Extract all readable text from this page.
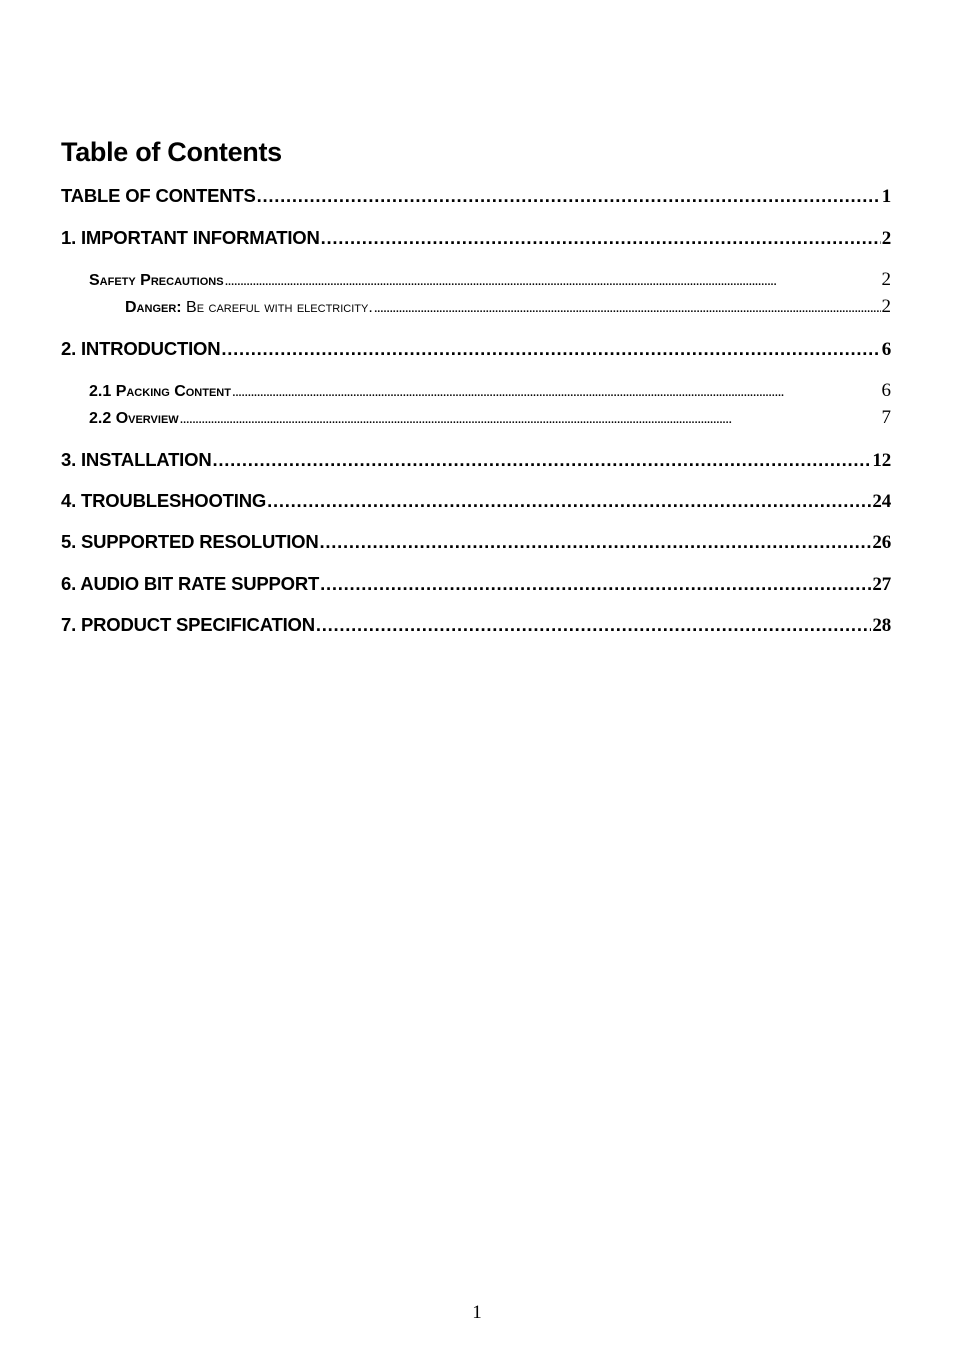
Table of Contents
TABLE OF CONTENTS . . .	1
1. IMPORTANT INFORMATION . . .	2
Safety Precautions . . .	2
Danger: Be careful with electricity. . . .	2
2. INTRODUCTION . . .	6
2.1 Packing Content . . .	6
2.2 Overview . . .	7
3. INSTALLATION . . .	12
4. TROUBLESHOOTING . . .	24
5. SUPPORTED RESOLUTION . . .	26
6. AUDIO BIT RATE SUPPORT . . .	27
7. PRODUCT SPECIFICATION . . .	28
1
